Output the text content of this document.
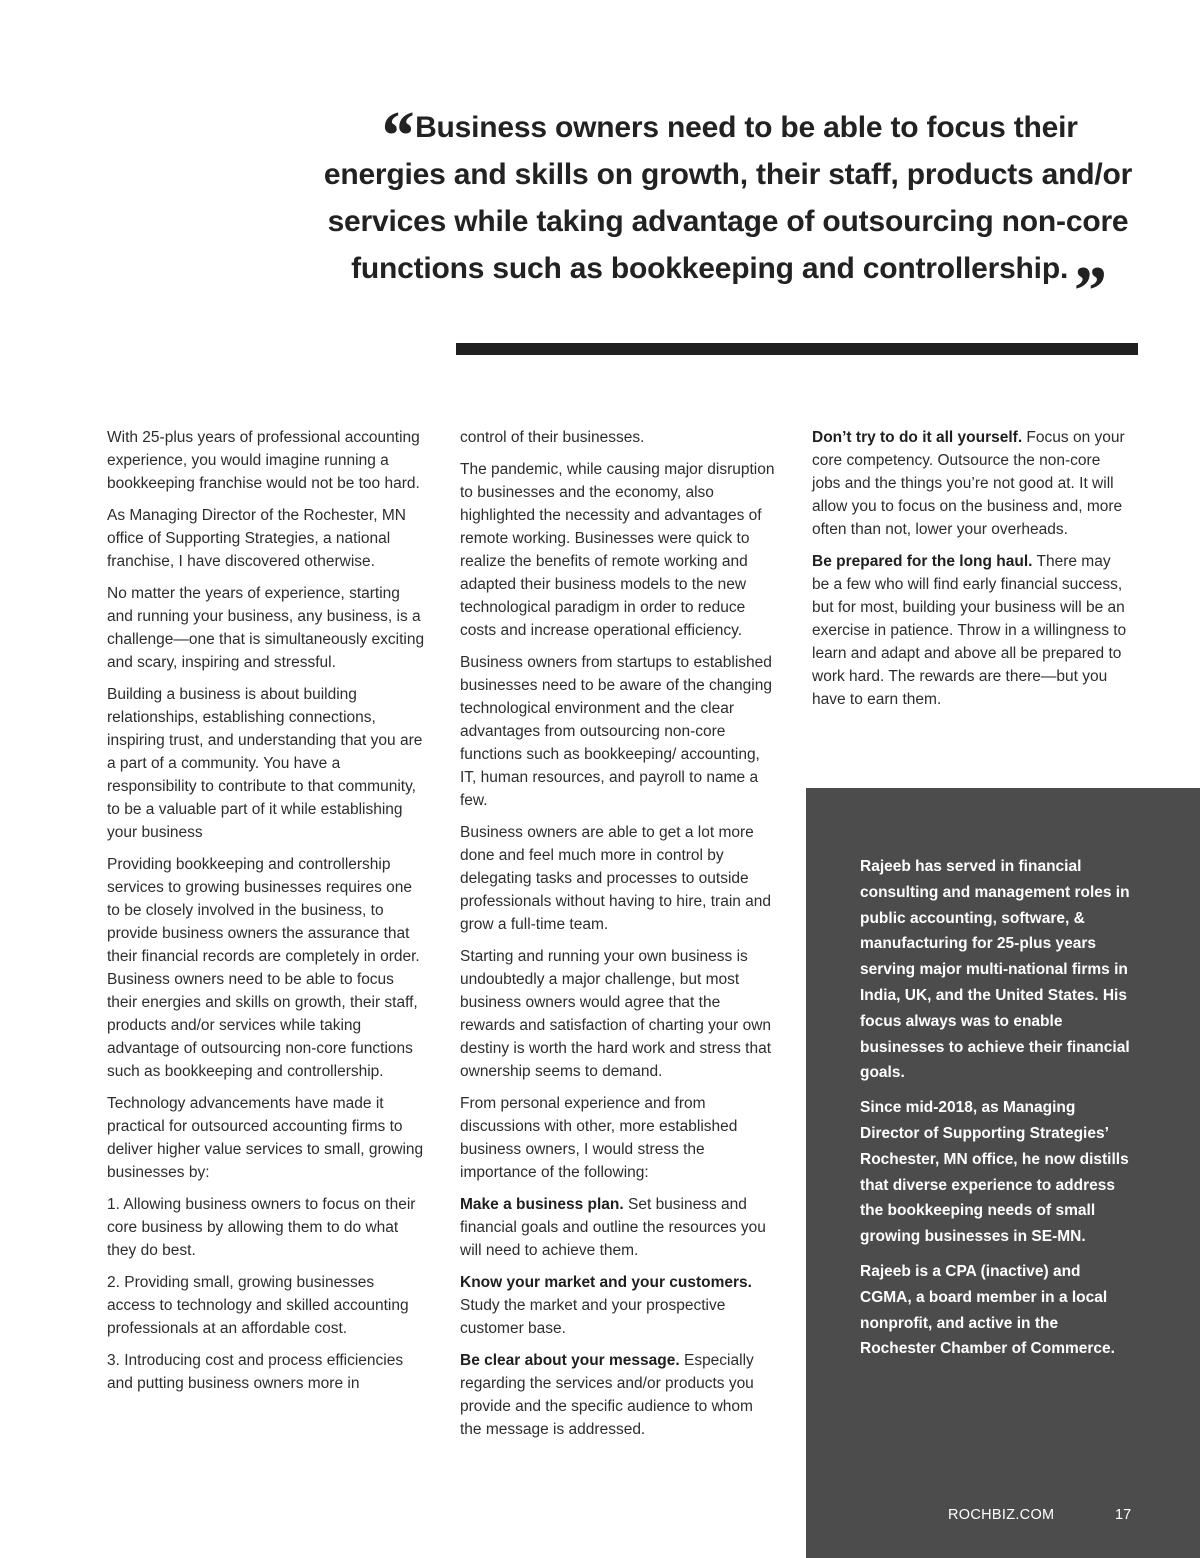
“Business owners need to be able to focus their energies and skills on growth, their staff, products and/or services while taking advantage of outsourcing non-core functions such as bookkeeping and controllership.”

With 25-plus years of professional accounting experience, you would imagine running a bookkeeping franchise would not be too hard.

As Managing Director of the Rochester, MN office of Supporting Strategies, a national franchise, I have discovered otherwise.

No matter the years of experience, starting and running your business, any business, is a challenge—one that is simultaneously exciting and scary, inspiring and stressful.

Building a business is about building relationships, establishing connections, inspiring trust, and understanding that you are a part of a community. You have a responsibility to contribute to that community, to be a valuable part of it while establishing your business

Providing bookkeeping and controllership services to growing businesses requires one to be closely involved in the business, to provide business owners the assurance that their financial records are completely in order. Business owners need to be able to focus their energies and skills on growth, their staff, products and/or services while taking advantage of outsourcing non-core functions such as bookkeeping and controllership.

Technology advancements have made it practical for outsourced accounting firms to deliver higher value services to small, growing businesses by:

1. Allowing business owners to focus on their core business by allowing them to do what they do best.

2. Providing small, growing businesses access to technology and skilled accounting professionals at an affordable cost.

3. Introducing cost and process efficiencies and putting business owners more in

control of their businesses.

The pandemic, while causing major disruption to businesses and the economy, also highlighted the necessity and advantages of remote working. Businesses were quick to realize the benefits of remote working and adapted their business models to the new technological paradigm in order to reduce costs and increase operational efficiency.

Business owners from startups to established businesses need to be aware of the changing technological environment and the clear advantages from outsourcing non-core functions such as bookkeeping/ accounting, IT, human resources, and payroll to name a few.

Business owners are able to get a lot more done and feel much more in control by delegating tasks and processes to outside professionals without having to hire, train and grow a full-time team.

Starting and running your own business is undoubtedly a major challenge, but most business owners would agree that the rewards and satisfaction of charting your own destiny is worth the hard work and stress that ownership seems to demand.

From personal experience and from discussions with other, more established business owners, I would stress the importance of the following:

Make a business plan. Set business and financial goals and outline the resources you will need to achieve them.

Know your market and your customers. Study the market and your prospective customer base.

Be clear about your message. Especially regarding the services and/or products you provide and the specific audience to whom the message is addressed.

Don’t try to do it all yourself. Focus on your core competency. Outsource the non-core jobs and the things you’re not good at. It will allow you to focus on the business and, more often than not, lower your overheads.

Be prepared for the long haul. There may be a few who will find early financial success, but for most, building your business will be an exercise in patience. Throw in a willingness to learn and adapt and above all be prepared to work hard. The rewards are there—but you have to earn them.

Rajeeb has served in financial consulting and management roles in public accounting, software, & manufacturing for 25-plus years serving major multi-national firms in India, UK, and the United States. His focus always was to enable businesses to achieve their financial goals.

Since mid-2018, as Managing Director of Supporting Strategies’ Rochester, MN office, he now distills that diverse experience to address the bookkeeping needs of small growing businesses in SE-MN.

Rajeeb is a CPA (inactive) and CGMA, a board member in a local nonprofit, and active in the Rochester Chamber of Commerce.

ROCHBIZ.COM	17
